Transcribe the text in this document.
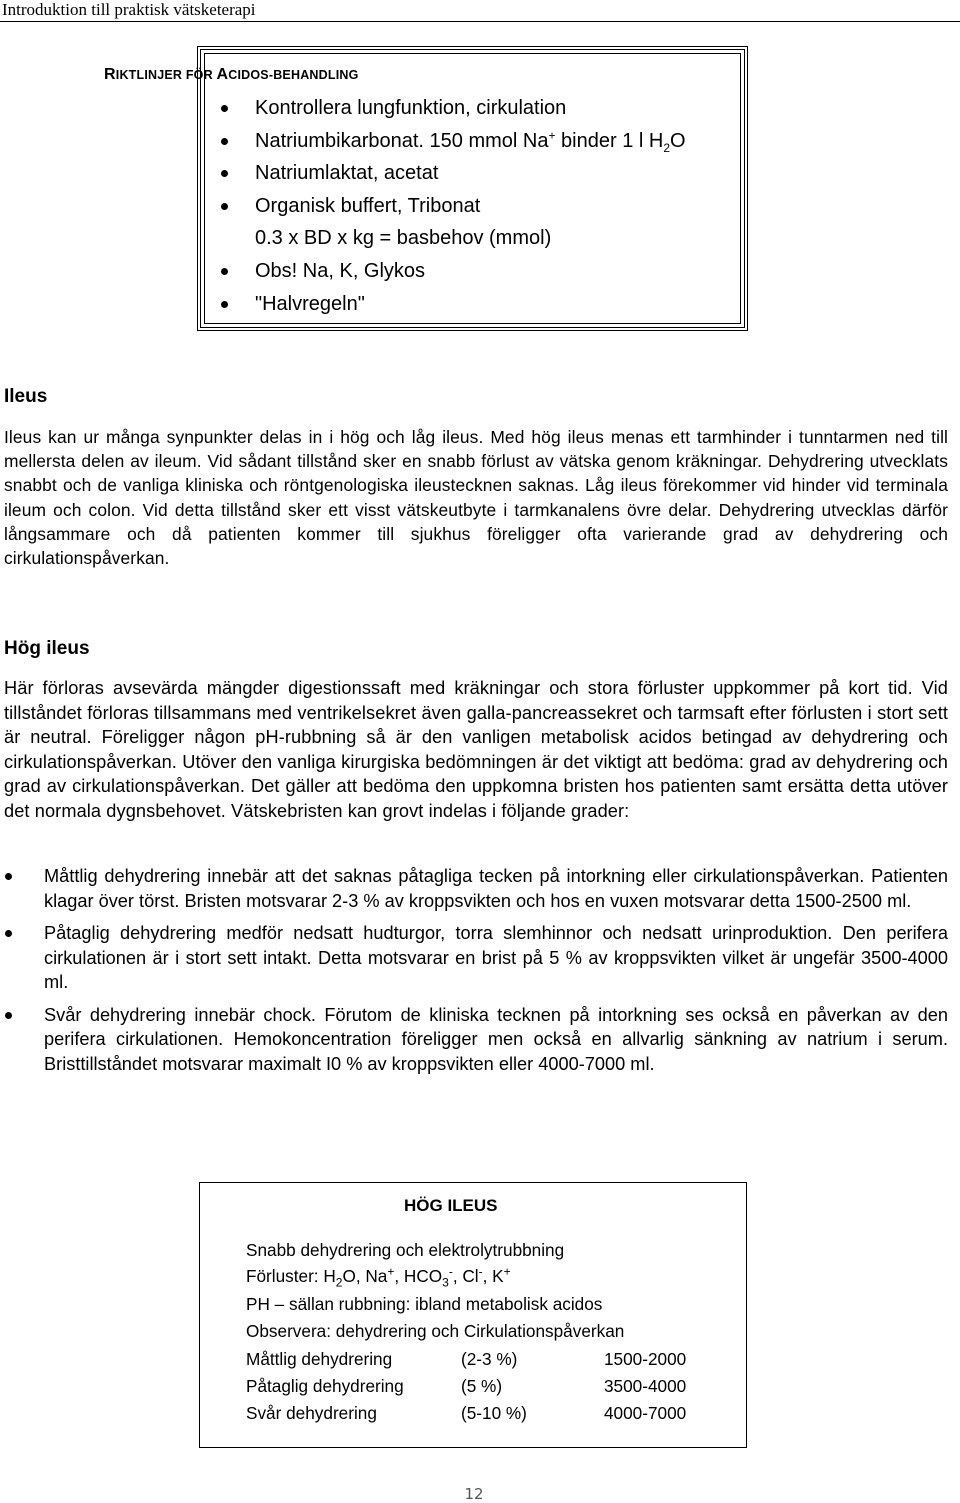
Introduktion till praktisk vätsketerapi
RIKTLINJER FÖR ACIDOS-BEHANDLING
Kontrollera lungfunktion, cirkulation
Natriumbikarbonat. 150 mmol Na+ binder 1 l $H_2O$
Natriumlaktat, acetat
Organisk buffert, Tribonat
0.3 x BD x kg = basbehov (mmol)
Obs! Na, K, Glykos
"Halvregeln"
Ileus
Ileus kan ur många synpunkter delas in i hög och låg ileus. Med hög ileus menas ett tarmhinder i tunntarmen ned till mellersta delen av ileum. Vid sådant tillstånd sker en snabb förlust av vätska genom kräkningar. Dehydrering utvecklats snabbt och de vanliga kliniska och röntgenologiska ileustecknen saknas. Låg ileus förekommer vid hinder vid terminala ileum och colon. Vid detta tillstånd sker ett visst vätskeutbyte i tarmkanalens övre delar. Dehydrering utvecklas därför långsammare och då patienten kommer till sjukhus föreligger ofta varierande grad av dehydrering och cirkulationspåverkan.
Hög ileus
Här förloras avsevärda mängder digestionssaft med kräkningar och stora förluster uppkommer på kort tid. Vid tillståndet förloras tillsammans med ventrikelsekret även galla-pancreassekret och tarmsaft efter förlusten i stort sett är neutral. Föreligger någon pH-rubbning så är den vanligen metabolisk acidos betingad av dehydrering och cirkulationspåverkan. Utöver den vanliga kirurgiska bedömningen är det viktigt att bedöma: grad av dehydrering och grad av cirkulationspåverkan. Det gäller att bedöma den uppkomna bristen hos patienten samt ersätta detta utöver det normala dygnsbehovet. Vätskebristen kan grovt indelas i följande grader:
Måttlig dehydrering innebär att det saknas påtagliga tecken på intorkning eller cirkulationspåverkan. Patienten klagar över törst. Bristen motsvarar 2-3 % av kroppsvikten och hos en vuxen motsvarar detta 1500-2500 ml.
Påtaglig dehydrering medför nedsatt hudturgor, torra slemhinnor och nedsatt urinproduktion. Den perifera cirkulationen är i stort sett intakt. Detta motsvarar en brist på 5 % av kroppsvikten vilket är ungefär 3500-4000 ml.
Svår dehydrering innebär chock. Förutom de kliniska tecknen på intorkning ses också en påverkan av den perifera cirkulationen. Hemokoncentration föreligger men också en allvarlig sänkning av natrium i serum. Bristtillståndet motsvarar maximalt I0 % av kroppsvikten eller 4000-7000 ml.
HÖG ILEUS
Snabb dehydrering och elektrolytrubbning
Förluster: $H_2O$, Na+, $HCO_3^-$, Cl-, K+
PH – sällan rubbning: ibland metabolisk acidos
Observera: dehydrering och Cirkulationspåverkan
Måttlig dehydrering	(2-3 %)	1500-2000
Påtaglig dehydrering	(5 %)	3500-4000
Svår dehydrering	(5-10 %)	4000-7000
12
